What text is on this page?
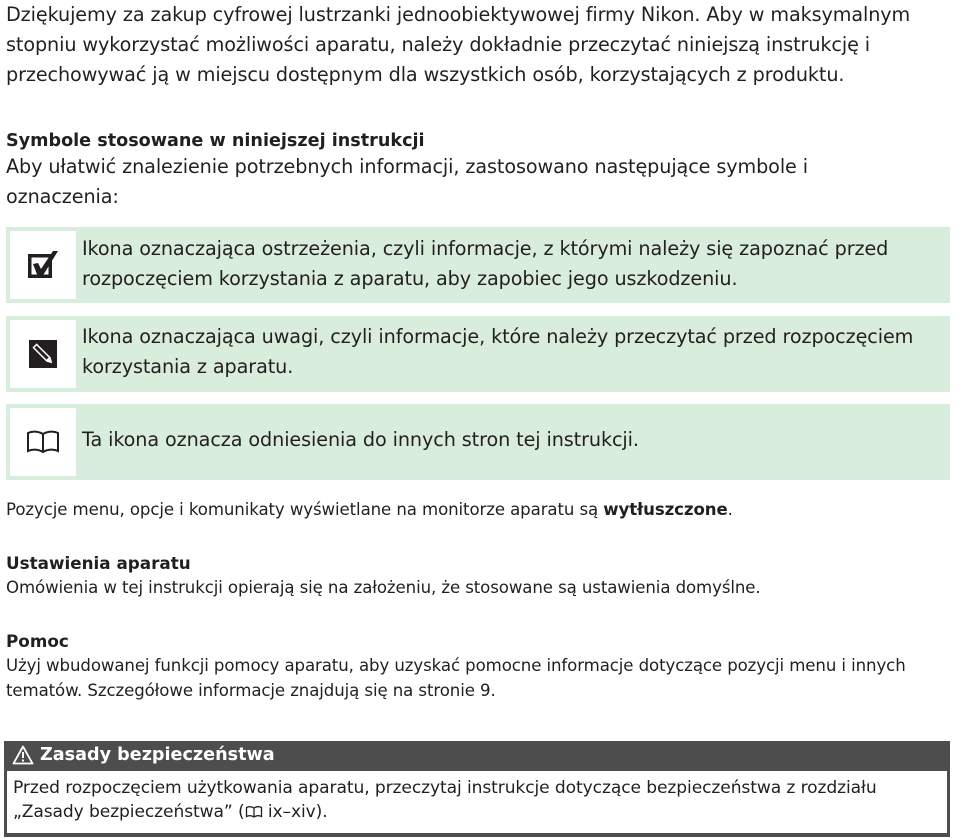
Dziękujemy za zakup cyfrowej lustrzanki jednoobiektywowej firmy Nikon. Aby w maksymalnym stopniu wykorzystać możliwości aparatu, należy dokładnie przeczytać niniejszą instrukcję i przechowywać ją w miejscu dostępnym dla wszystkich osób, korzystających z produktu.
Symbole stosowane w niniejszej instrukcji
Aby ułatwić znalezienie potrzebnych informacji, zastosowano następujące symbole i oznaczenia:
Ikona oznaczająca ostrzeżenia, czyli informacje, z którymi należy się zapoznać przed rozpoczęciem korzystania z aparatu, aby zapobiec jego uszkodzeniu.
Ikona oznaczająca uwagi, czyli informacje, które należy przeczytać przed rozpoczęciem korzystania z aparatu.
Ta ikona oznacza odniesienia do innych stron tej instrukcji.
Pozycje menu, opcje i komunikaty wyświetlane na monitorze aparatu są wytłuszczone.
Ustawienia aparatu
Omówienia w tej instrukcji opierają się na założeniu, że stosowane są ustawienia domyślne.
Pomoc
Użyj wbudowanej funkcji pomocy aparatu, aby uzyskać pomocne informacje dotyczące pozycji menu i innych tematów. Szczegółowe informacje znajdują się na stronie 9.
Zasady bezpieczeństwa
Przed rozpoczęciem użytkowania aparatu, przeczytaj instrukcje dotyczące bezpieczeństwa z rozdziału „Zasady bezpieczeństwa” ( ix–xiv).
